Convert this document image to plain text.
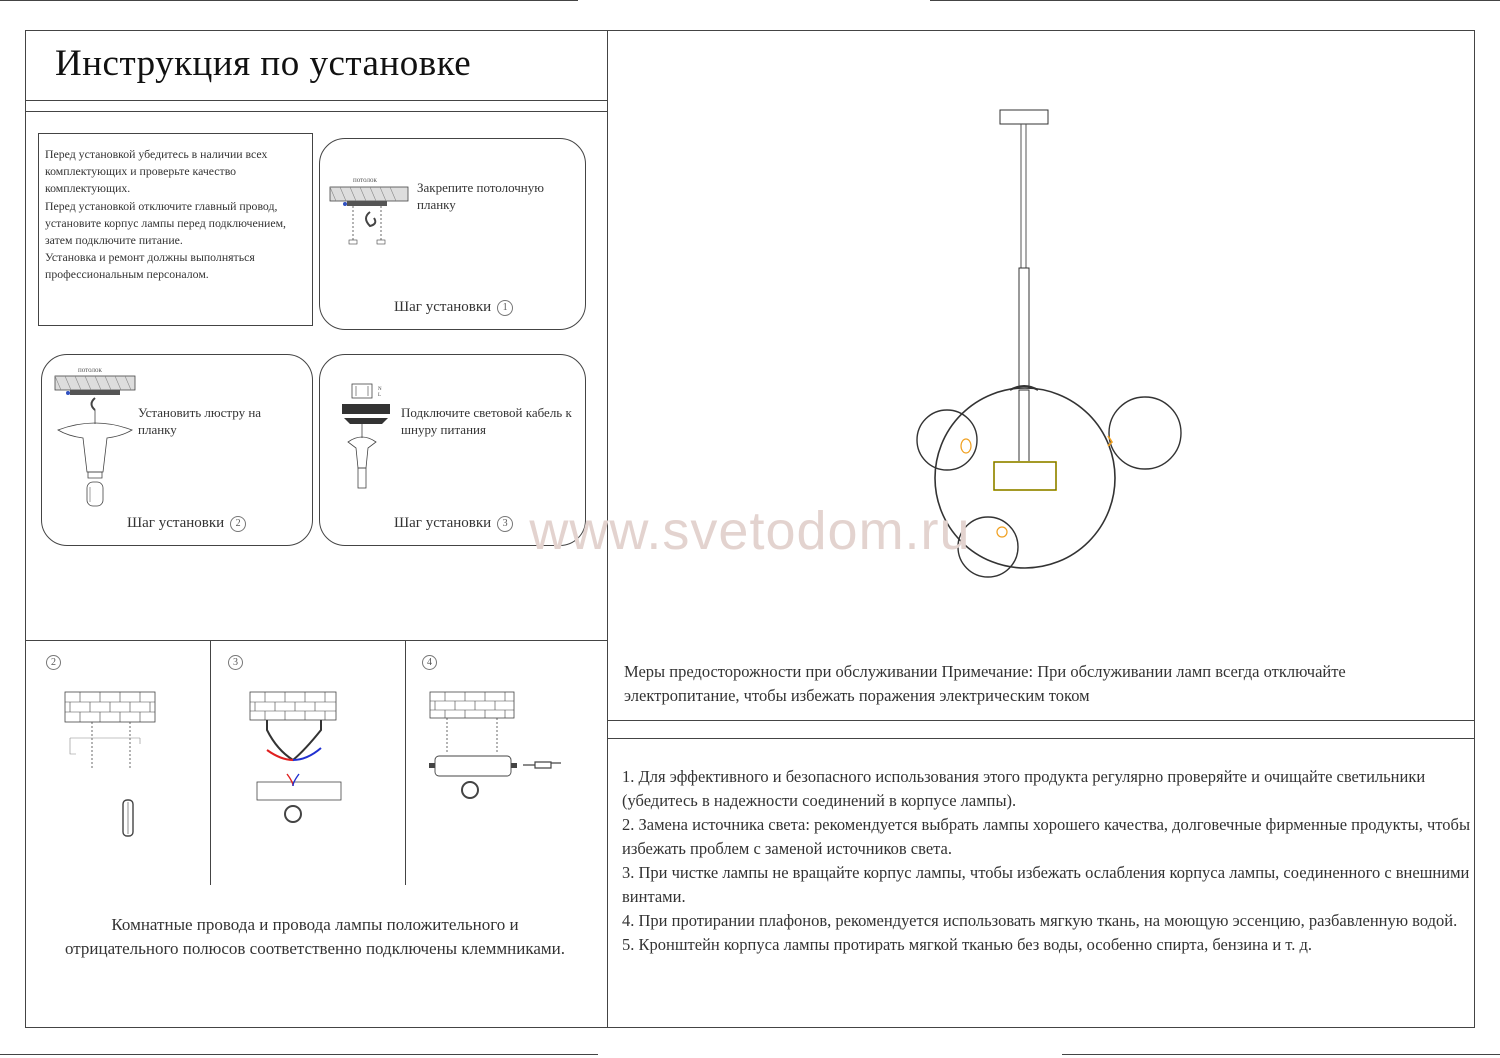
Инструкция по установке

Перед установкой убедитесь в наличии всех комплектующих и проверьте качество комплектующих.

Перед установкой отключите главный провод, установите корпус лампы перед подключением, затем подключите питание.

Установка и ремонт должны выполняться профессиональным персоналом.

потолок	Закрепите потолочную планку
Шаг установки 1
потолок
Установить люстру на планку
Шаг установки 2
N
L
Подключите световой кабель к шнуру питания
Шаг установки 3
2	3	4
Комнатные провода и провода лампы положительного и отрицательного полюсов соответственно подключены клеммниками.
Меры предосторожности при обслуживании Примечание: При обслуживании ламп всегда отключайте электропитание, чтобы избежать поражения электрическим током

1. Для эффективного и безопасного использования этого продукта регулярно проверяйте и очищайте светильники (убедитесь в надежности соединений в корпусе лампы).

2. Замена источника света: рекомендуется выбрать лампы хорошего качества, долговечные фирменные продукты, чтобы избежать проблем с заменой источников света.

3. При чистке лампы не вращайте корпус лампы, чтобы избежать ослабления корпуса лампы, соединенного с внешними винтами.

4. При протирании плафонов, рекомендуется использовать мягкую ткань, на моющую эссенцию, разбавленную водой.

5. Кронштейн корпуса лампы протирать мягкой тканью без воды, особенно спирта, бензина и т. д.

www.svetodom.ru
